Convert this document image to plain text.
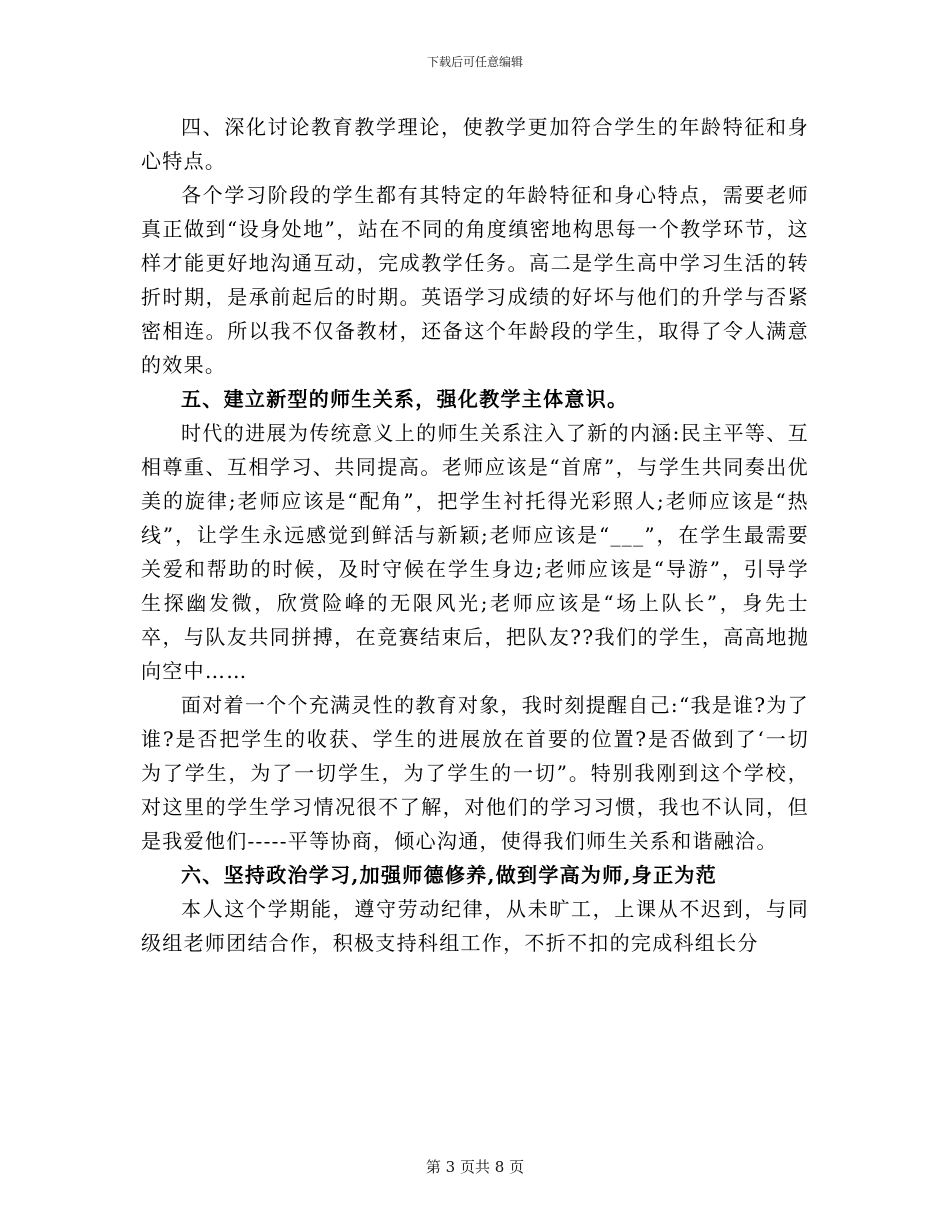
下载后可任意编辑

四、深化讨论教育教学理论，使教学更加符合学生的年龄特征和身心特点。

各个学习阶段的学生都有其特定的年龄特征和身心特点，需要老师真正做到“设身处地”，站在不同的角度缜密地构思每一个教学环节，这样才能更好地沟通互动，完成教学任务。高二是学生高中学习生活的转折时期，是承前起后的时期。英语学习成绩的好坏与他们的升学与否紧密相连。所以我不仅备教材，还备这个年龄段的学生，取得了令人满意的效果。

五、建立新型的师生关系，强化教学主体意识。

时代的进展为传统意义上的师生关系注入了新的内涵:民主平等、互相尊重、互相学习、共同提高。老师应该是“首席”，与学生共同奏出优美的旋律;老师应该是“配角”，把学生衬托得光彩照人;老师应该是“热线”，让学生永远感觉到鲜活与新颖;老师应该是“___”，在学生最需要关爱和帮助的时候，及时守候在学生身边;老师应该是“导游”，引导学生探幽发微，欣赏险峰的无限风光;老师应该是“场上队长”，身先士卒，与队友共同拼搏，在竞赛结束后，把队友??我们的学生，高高地抛向空中……

面对着一个个充满灵性的教育对象，我时刻提醒自己:“我是谁?为了谁?是否把学生的收获、学生的进展放在首要的位置?是否做到了‘一切为了学生，为了一切学生，为了学生的一切”。特别我刚到这个学校，对这里的学生学习情况很不了解，对他们的学习习惯，我也不认同，但是我爱他们-----平等协商，倾心沟通，使得我们师生关系和谐融洽。

六、坚持政治学习,加强师德修养,做到学高为师,身正为范

本人这个学期能，遵守劳动纪律，从未旷工，上课从不迟到，与同级组老师团结合作，积极支持科组工作，不折不扣的完成科组长分

第 3 页共 8 页
